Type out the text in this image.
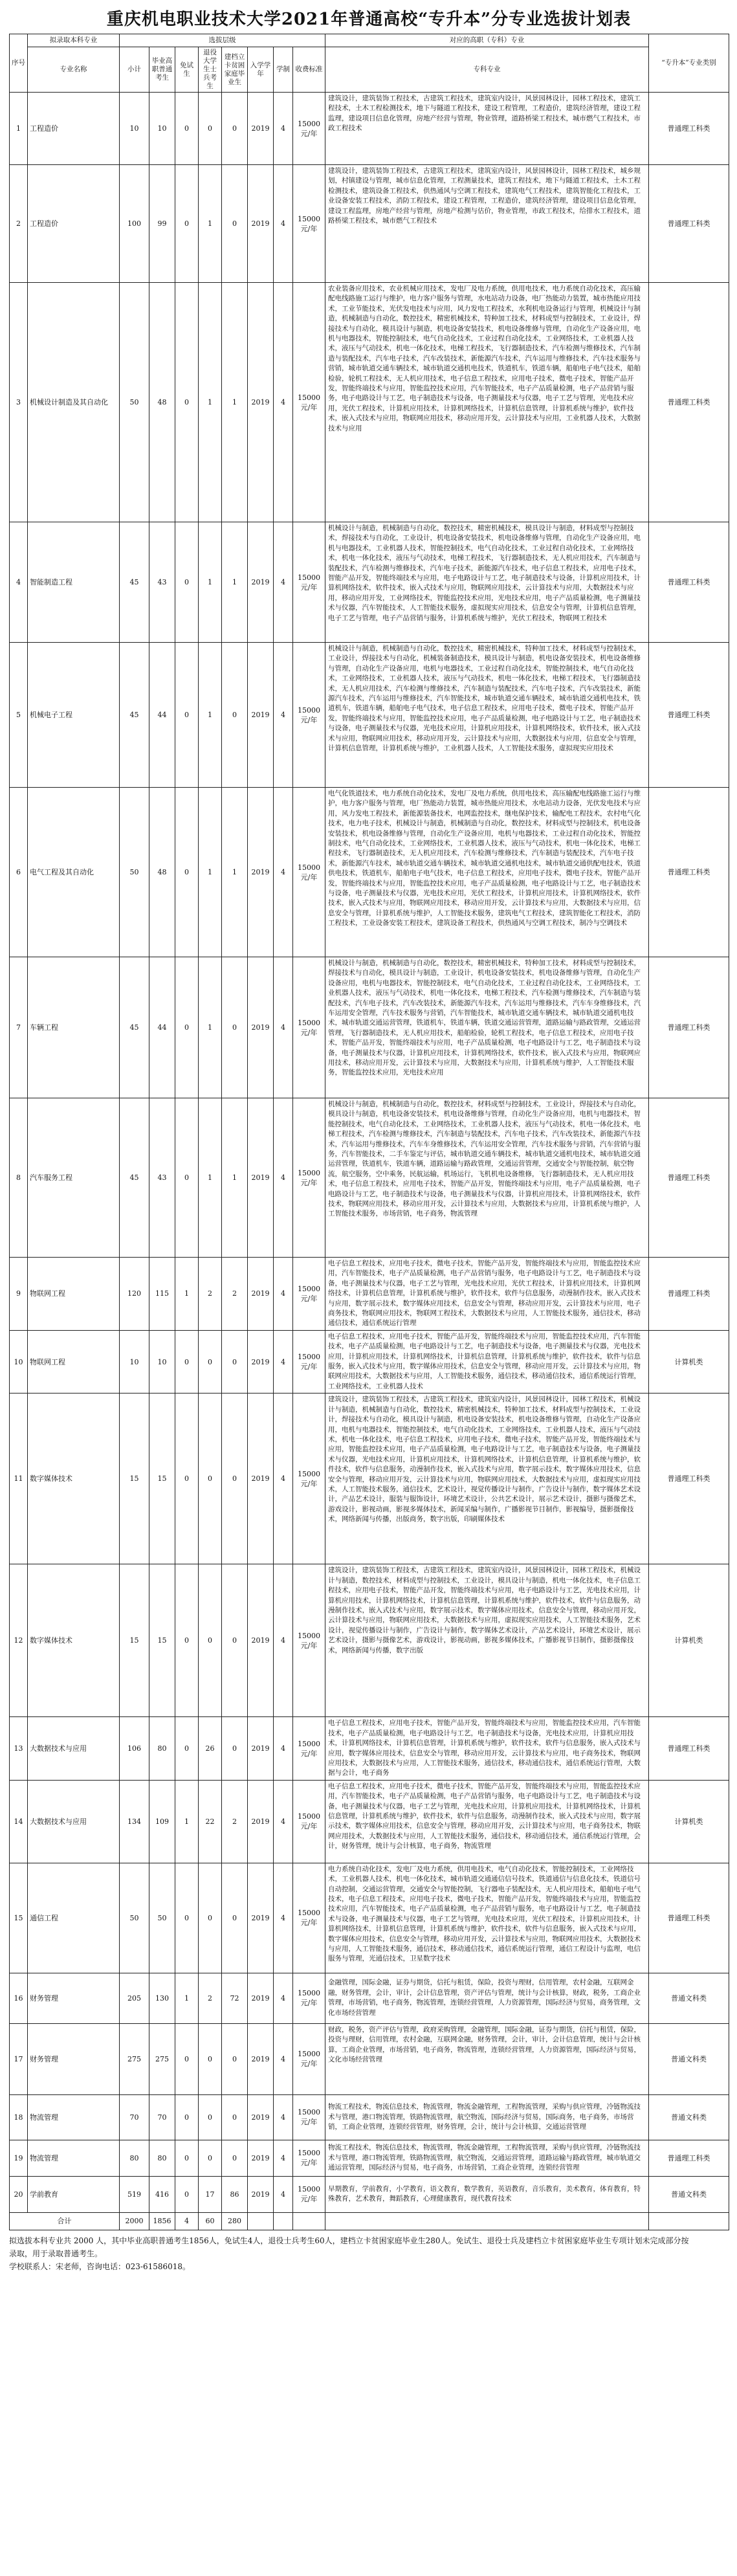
重庆机电职业技术大学2021年普通高校“专升本”分专业选拔计划表
序号	拟录取本科专业	选拔层级								对应的高职（专科）专业	“专升本”专业类别
	专业名称	小计	毕业高职普通考生	免试生	退役大学生士兵考生	建档立卡贫困家庭毕业生	入学学年	学制	收费标准	专科专业	
1	工程造价	10	10	0	0	0	2019	4	15000元/年	建筑设计，建筑装饰工程技术，古建筑工程技术，建筑室内设计，风景园林设计，园林工程技术，建筑工程技术，土木工程检测技术，地下与隧道工程技术，建设工程管理，工程造价，建筑经济管理，建设工程监理，建设项目信息化管理，房地产经营与管理，物业管理，道路桥梁工程技术，城市燃气工程技术，市政工程技术	普通理工科类
2	工程造价	100	99	0	1	0	2019	4	15000元/年	建筑设计，建筑装饰工程技术，古建筑工程技术，建筑室内设计，风景园林设计，园林工程技术，城乡规划，村镇建设与管理，城市信息化管理，工程测量技术，建筑工程技术，地下与隧道工程技术，土木工程检测技术，建筑设备工程技术，供热通风与空调工程技术，建筑电气工程技术，建筑智能化工程技术，工业设备安装工程技术，消防工程技术，建设工程管理，工程造价，建筑经济管理，建设项目信息化管理，建设工程监理，房地产经营与管理，房地产检测与估价，物业管理，市政工程技术，给排水工程技术，道路桥梁工程技术，城市燃气工程技术	普通理工科类
3	机械设计制造及其自动化	50	48	0	1	1	2019	4	15000元/年	农业装备应用技术，农业机械应用技术，发电厂及电力系统，供用电技术，电力系统自动化技术，高压输配电线路施工运行与维护，电力客户服务与管理，水电站动力设备，电厂热能动力装置，城市热能应用技术，工业节能技术，光伏发电技术与应用，风力发电工程技术，水利机电设备运行与管理，机械设计与制造，机械制造与自动化，数控技术，精密机械技术，特种加工技术，材料成型与控制技术，工业设计，焊接技术与自动化，模具设计与制造，机电设备安装技术，机电设备维修与管理，自动化生产设备应用，电机与电器技术，智能控制技术，电气自动化技术，工业过程自动化技术，工业网络技术，工业机器人技术，液压与气动技术，机电一体化技术，电梯工程技术，飞行器制造技术，汽车检测与维修技术，汽车制造与装配技术，汽车电子技术，汽车改装技术，新能源汽车技术，汽车运用与维修技术，汽车技术服务与营销，城市轨道交通车辆技术，城市轨道交通机电技术，铁道机车，铁道车辆，船舶电子电气技术，船舶检验，轮机工程技术，无人机应用技术，电子信息工程技术，应用电子技术，微电子技术，智能产品开发，智能终端技术与应用，智能监控技术应用，汽车智能技术，电子产品质量检测，电子产品营销与服务，电子电路设计与工艺，电子制造技术与设备，电子测量技术与仪器，电子工艺与管理，光电技术应用，光伏工程技术，计算机应用技术，计算机网络技术，计算机信息管理，计算机系统与维护，软件技术，嵌入式技术与应用，物联网应用技术，移动应用开发，云计算技术与应用，工业机器人技术，大数据技术与应用	普通理工科类
4	智能制造工程	45	43	0	1	1	2019	4	15000元/年	机械设计与制造，机械制造与自动化，数控技术，精密机械技术，模具设计与制造，材料成型与控制技术，焊接技术与自动化，工业设计，机电设备安装技术，机电设备维修与管理，自动化生产设备应用，电机与电器技术，工业机器人技术，智能控制技术，电气自动化技术，工业过程自动化技术，工业网络技术，机电一体化技术，液压与气动技术，电梯工程技术，飞行器制造技术，无人机应用技术，汽车制造与装配技术，汽车检测与维修技术，汽车电子技术，新能源汽车技术，电子信息工程技术，应用电子技术，智能产品开发，智能终端技术与应用，电子电路设计与工艺，电子制造技术与设备，计算机应用技术，计算机网络技术，软件技术，嵌入式技术与应用，物联网应用技术，云计算技术与应用，大数据技术与应用，移动应用开发，工业网络技术，智能监控技术应用，光电技术应用，电子产品质量检测，电子测量技术与仪器，汽车智能技术，人工智能技术服务，虚拟现实应用技术，信息安全与管理，计算机信息管理，电子工艺与管理，电子产品营销与服务，计算机系统与维护，光伏工程技术，物联网工程技术	普通理工科类
5	机械电子工程	45	44	0	1	0	2019	4	15000元/年	机械设计与制造，机械制造与自动化，数控技术，精密机械技术，特种加工技术，材料成型与控制技术，工业设计，焊接技术与自动化，机械装备制造技术，模具设计与制造，机电设备安装技术，机电设备维修与管理，自动化生产设备应用，电机与电器技术，工业过程自动化技术，智能控制技术，电气自动化技术，工业网络技术，工业机器人技术，液压与气动技术，机电一体化技术，电梯工程技术，飞行器制造技术，无人机应用技术，汽车检测与维修技术，汽车制造与装配技术，汽车电子技术，汽车改装技术，新能源汽车技术，汽车运用与维修技术，汽车智能技术，城市轨道交通车辆技术，城市轨道交通机电技术，铁道机车，铁道车辆，船舶电子电气技术，电子信息工程技术，应用电子技术，微电子技术，智能产品开发，智能终端技术与应用，智能监控技术应用，电子产品质量检测，电子电路设计与工艺，电子制造技术与设备，电子测量技术与仪器，光电技术应用，计算机应用技术，计算机网络技术，软件技术，嵌入式技术与应用，物联网应用技术，移动应用开发，云计算技术与应用，大数据技术与应用，信息安全与管理，计算机信息管理，计算机系统与维护，工业机器人技术，人工智能技术服务，虚拟现实应用技术	普通理工科类
6	电气工程及其自动化	50	48	0	1	1	2019	4	15000元/年	电气化铁道技术，电力系统自动化技术，发电厂及电力系统，供用电技术，高压输配电线路施工运行与维护，电力客户服务与管理，电厂热能动力装置，城市热能应用技术，水电站动力设备，光伏发电技术与应用，风力发电工程技术，新能源装备技术，电网监控技术，继电保护技术，输配电工程技术，农村电气化技术，电力电子技术，机械设计与制造，机械制造与自动化，数控技术，材料成型与控制技术，机电设备安装技术，机电设备维修与管理，自动化生产设备应用，电机与电器技术，工业过程自动化技术，智能控制技术，电气自动化技术，工业网络技术，工业机器人技术，液压与气动技术，机电一体化技术，电梯工程技术，飞行器制造技术，无人机应用技术，汽车检测与维修技术，汽车制造与装配技术，汽车电子技术，新能源汽车技术，城市轨道交通车辆技术，城市轨道交通机电技术，城市轨道交通供配电技术，铁道供电技术，铁道机车，船舶电子电气技术，电子信息工程技术，应用电子技术，微电子技术，智能产品开发，智能终端技术与应用，智能监控技术应用，电子产品质量检测，电子电路设计与工艺，电子制造技术与设备，电子测量技术与仪器，光电技术应用，光伏工程技术，计算机应用技术，计算机网络技术，软件技术，嵌入式技术与应用，物联网应用技术，移动应用开发，云计算技术与应用，大数据技术与应用，信息安全与管理，计算机系统与维护，人工智能技术服务，建筑电气工程技术，建筑智能化工程技术，消防工程技术，工业设备安装工程技术，建筑设备工程技术，供热通风与空调工程技术，制冷与空调技术	普通理工科类
7	车辆工程	45	44	0	1	0	2019	4	15000元/年	机械设计与制造，机械制造与自动化，数控技术，精密机械技术，特种加工技术，材料成型与控制技术，焊接技术与自动化，模具设计与制造，工业设计，机电设备安装技术，机电设备维修与管理，自动化生产设备应用，电机与电器技术，智能控制技术，电气自动化技术，工业过程自动化技术，工业网络技术，工业机器人技术，液压与气动技术，机电一体化技术，电梯工程技术，汽车检测与维修技术，汽车制造与装配技术，汽车电子技术，汽车改装技术，新能源汽车技术，汽车运用与维修技术，汽车车身维修技术，汽车运用安全管理，汽车技术服务与营销，汽车智能技术，城市轨道交通车辆技术，城市轨道交通机电技术，城市轨道交通运营管理，铁道机车，铁道车辆，铁道交通运营管理，道路运输与路政管理，交通运营管理，飞行器制造技术，无人机应用技术，船舶检验，轮机工程技术，电子信息工程技术，应用电子技术，智能产品开发，智能终端技术与应用，电子产品质量检测，电子电路设计与工艺，电子制造技术与设备，电子测量技术与仪器，计算机应用技术，计算机网络技术，软件技术，嵌入式技术与应用，物联网应用技术，移动应用开发，云计算技术与应用，大数据技术与应用，计算机系统与维护，人工智能技术服务，智能监控技术应用，光电技术应用	普通理工科类
8	汽车服务工程	45	43	0	1	1	2019	4	15000元/年	机械设计与制造，机械制造与自动化，数控技术，材料成型与控制技术，工业设计，焊接技术与自动化，模具设计与制造，机电设备安装技术，机电设备维修与管理，自动化生产设备应用，电机与电器技术，智能控制技术，电气自动化技术，工业网络技术，工业机器人技术，液压与气动技术，机电一体化技术，电梯工程技术，汽车检测与维修技术，汽车制造与装配技术，汽车电子技术，汽车改装技术，新能源汽车技术，汽车运用与维修技术，汽车车身维修技术，汽车运用安全管理，汽车技术服务与营销，汽车营销与服务，汽车智能技术，二手车鉴定与评估，城市轨道交通车辆技术，城市轨道交通机电技术，城市轨道交通运营管理，铁道机车，铁道车辆，道路运输与路政管理，交通运营管理，交通安全与智能控制，航空物流，航空服务，空中乘务，民航运输，机场运行，飞机机电设备维修，飞行器制造技术，无人机应用技术，电子信息工程技术，应用电子技术，智能产品开发，智能终端技术与应用，电子产品质量检测，电子电路设计与工艺，电子制造技术与设备，电子测量技术与仪器，计算机应用技术，计算机网络技术，软件技术，物联网应用技术，移动应用开发，云计算技术与应用，大数据技术与应用，计算机系统与维护，人工智能技术服务，市场营销，电子商务，物流管理	普通理工科类
9	物联网工程	120	115	1	2	2	2019	4	15000元/年	电子信息工程技术，应用电子技术，微电子技术，智能产品开发，智能终端技术与应用，智能监控技术应用，汽车智能技术，电子产品质量检测，电子产品营销与服务，电子电路设计与工艺，电子制造技术与设备，电子测量技术与仪器，电子工艺与管理，光电技术应用，光伏工程技术，计算机应用技术，计算机网络技术，计算机信息管理，计算机系统与维护，软件技术，软件与信息服务，动漫制作技术，嵌入式技术与应用，数字展示技术，数字媒体应用技术，信息安全与管理，移动应用开发，云计算技术与应用，电子商务技术，物联网应用技术，物联网工程技术，大数据技术与应用，人工智能技术服务，通信技术，移动通信技术，通信系统运行管理	普通理工科类
10	物联网工程	10	10	0	0	0	2019	4	15000元/年	电子信息工程技术，应用电子技术，智能产品开发，智能终端技术与应用，智能监控技术应用，汽车智能技术，电子产品质量检测，电子电路设计与工艺，电子制造技术与设备，电子测量技术与仪器，光电技术应用，计算机应用技术，计算机网络技术，计算机信息管理，计算机系统与维护，软件技术，软件与信息服务，嵌入式技术与应用，数字媒体应用技术，信息安全与管理，移动应用开发，云计算技术与应用，物联网应用技术，大数据技术与应用，人工智能技术服务，通信技术，移动通信技术，通信系统运行管理，工业网络技术，工业机器人技术	计算机类
11	数字媒体技术	15	15	0	0	0	2019	4	15000元/年	建筑设计，建筑装饰工程技术，古建筑工程技术，建筑室内设计，风景园林设计，园林工程技术，机械设计与制造，机械制造与自动化，数控技术，精密机械技术，特种加工技术，材料成型与控制技术，工业设计，焊接技术与自动化，模具设计与制造，机电设备安装技术，机电设备维修与管理，自动化生产设备应用，电机与电器技术，智能控制技术，电气自动化技术，工业网络技术，工业机器人技术，液压与气动技术，机电一体化技术，电子信息工程技术，应用电子技术，微电子技术，智能产品开发，智能终端技术与应用，智能监控技术应用，电子产品质量检测，电子电路设计与工艺，电子制造技术与设备，电子测量技术与仪器，光电技术应用，计算机应用技术，计算机网络技术，计算机信息管理，计算机系统与维护，软件技术，软件与信息服务，动漫制作技术，嵌入式技术与应用，数字展示技术，数字媒体应用技术，信息安全与管理，移动应用开发，云计算技术与应用，物联网应用技术，大数据技术与应用，虚拟现实应用技术，人工智能技术服务，通信技术，艺术设计，视觉传播设计与制作，广告设计与制作，数字媒体艺术设计，产品艺术设计，服装与服饰设计，环境艺术设计，公共艺术设计，展示艺术设计，摄影与摄像艺术，游戏设计，影视动画，影视多媒体技术，新闻采编与制作，广播影视节目制作，影视编导，摄影摄像技术，网络新闻与传播，出版商务，数字出版，印刷媒体技术	普通理工科类
12	数字媒体技术	15	15	0	0	0	2019	4	15000元/年	建筑设计，建筑装饰工程技术，古建筑工程技术，建筑室内设计，风景园林设计，园林工程技术，机械设计与制造，数控技术，材料成型与控制技术，工业设计，模具设计与制造，机电一体化技术，电子信息工程技术，应用电子技术，智能产品开发，智能终端技术与应用，电子电路设计与工艺，光电技术应用，计算机应用技术，计算机网络技术，计算机信息管理，计算机系统与维护，软件技术，软件与信息服务，动漫制作技术，嵌入式技术与应用，数字展示技术，数字媒体应用技术，信息安全与管理，移动应用开发，云计算技术与应用，物联网应用技术，大数据技术与应用，虚拟现实应用技术，人工智能技术服务，艺术设计，视觉传播设计与制作，广告设计与制作，数字媒体艺术设计，产品艺术设计，环境艺术设计，展示艺术设计，摄影与摄像艺术，游戏设计，影视动画，影视多媒体技术，广播影视节目制作，摄影摄像技术，网络新闻与传播，数字出版	计算机类
13	大数据技术与应用	106	80	0	26	0	2019	4	15000元/年	电子信息工程技术，应用电子技术，智能产品开发，智能终端技术与应用，智能监控技术应用，汽车智能技术，电子产品质量检测，电子电路设计与工艺，电子制造技术与设备，光电技术应用，计算机应用技术，计算机网络技术，计算机信息管理，计算机系统与维护，软件技术，软件与信息服务，嵌入式技术与应用，数字媒体应用技术，信息安全与管理，移动应用开发，云计算技术与应用，电子商务技术，物联网应用技术，大数据技术与应用，人工智能技术服务，通信技术，移动通信技术，通信系统运行管理，大数据与会计，电子商务	普通理工科类
14	大数据技术与应用	134	109	1	22	2	2019	4	15000元/年	电子信息工程技术，应用电子技术，微电子技术，智能产品开发，智能终端技术与应用，智能监控技术应用，汽车智能技术，电子产品质量检测，电子产品营销与服务，电子电路设计与工艺，电子制造技术与设备，电子测量技术与仪器，电子工艺与管理，光电技术应用，计算机应用技术，计算机网络技术，计算机信息管理，计算机系统与维护，软件技术，软件与信息服务，动漫制作技术，嵌入式技术与应用，数字展示技术，数字媒体应用技术，信息安全与管理，移动应用开发，云计算技术与应用，电子商务技术，物联网应用技术，大数据技术与应用，人工智能技术服务，通信技术，移动通信技术，通信系统运行管理，会计，财务管理，统计与会计核算，电子商务，物流管理	计算机类
15	通信工程	50	50	0	0	0	2019	4	15000元/年	电力系统自动化技术，发电厂及电力系统，供用电技术，电气自动化技术，智能控制技术，工业网络技术，工业机器人技术，机电一体化技术，城市轨道交通通信信号技术，铁道通信与信息化技术，铁道信号自动控制，交通运营管理，交通安全与智能控制，飞行器电子装配技术，无人机应用技术，船舶电子电气技术，电子信息工程技术，应用电子技术，微电子技术，智能产品开发，智能终端技术与应用，智能监控技术应用，汽车智能技术，电子产品质量检测，电子产品营销与服务，电子电路设计与工艺，电子制造技术与设备，电子测量技术与仪器，电子工艺与管理，光电技术应用，光伏工程技术，计算机应用技术，计算机网络技术，计算机信息管理，计算机系统与维护，软件技术，软件与信息服务，嵌入式技术与应用，数字媒体应用技术，信息安全与管理，移动应用开发，云计算技术与应用，物联网应用技术，大数据技术与应用，人工智能技术服务，通信技术，移动通信技术，通信系统运行管理，通信工程设计与监理，电信服务与管理，光通信技术，卫星数字技术	普通理工科类
16	财务管理	205	130	1	2	72	2019	4	15000元/年	金融管理，国际金融，证券与期货，信托与租赁，保险，投资与理财，信用管理，农村金融，互联网金融，财务管理，会计，审计，会计信息管理，资产评估与管理，统计与会计核算，财政，税务，工商企业管理，市场营销，电子商务，物流管理，连锁经营管理，人力资源管理，国际经济与贸易，商务管理，文化市场经营管理	普通文科类
17	财务管理	275	275	0	0	0	2019	4	15000元/年	财政，税务，资产评估与管理，政府采购管理，金融管理，国际金融，证券与期货，信托与租赁，保险，投资与理财，信用管理，农村金融，互联网金融，财务管理，会计，审计，会计信息管理，统计与会计核算，工商企业管理，市场营销，电子商务，物流管理，连锁经营管理，人力资源管理，国际经济与贸易，文化市场经营管理	普通文科类
18	物流管理	70	70	0	0	0	2019	4	15000元/年	物流工程技术，物流信息技术，物流管理，物流金融管理，工程物流管理，采购与供应管理，冷链物流技术与管理，港口物流管理，铁路物流管理，航空物流，国际经济与贸易，国际商务，电子商务，市场营销，工商企业管理，连锁经营管理，财务管理，会计，统计与会计核算，交通运营管理	普通文科类
19	物流管理	80	80	0	0	0	2019	4	15000元/年	物流工程技术，物流信息技术，物流管理，物流金融管理，工程物流管理，采购与供应管理，冷链物流技术与管理，港口物流管理，铁路物流管理，航空物流，交通运营管理，道路运输与路政管理，城市轨道交通运营管理，国际经济与贸易，电子商务，市场营销，工商企业管理，连锁经营管理	普通理工科类
20	学前教育	519	416	0	17	86	2019	4	15000元/年	早期教育，学前教育，小学教育，语文教育，数学教育，英语教育，音乐教育，美术教育，体育教育，特殊教育，艺术教育，舞蹈教育，心理健康教育，现代教育技术	普通文科类
合计		2000	1856	4	60	280					
拟选拔本科专业共 2000 人，其中毕业高职普通考生1856人，免试生4人，退役士兵考生60人，建档立卡贫困家庭毕业生280人。免试生、退役士兵及建档立卡贫困家庭毕业生专项计划未完成部分按
录取，用于录取普通考生。
学校联系人：宋老师，咨询电话：023-61586018。
